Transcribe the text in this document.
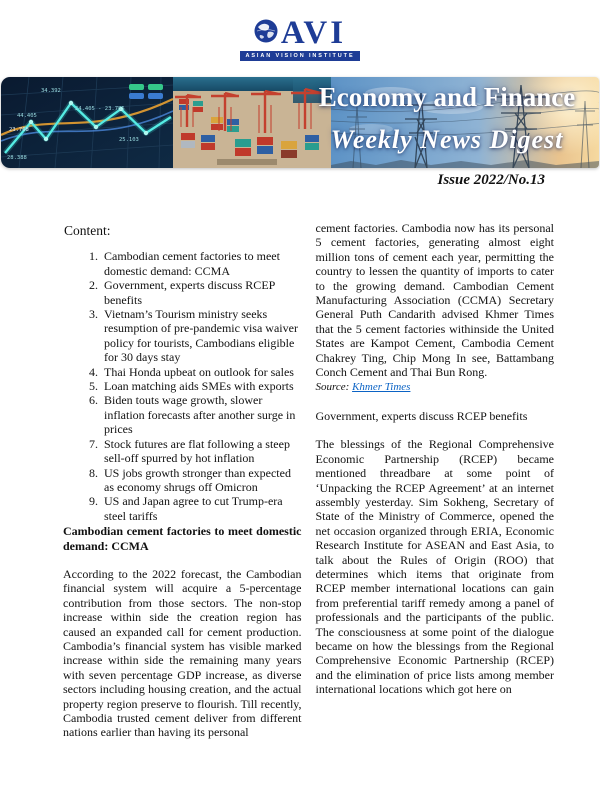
AVI
ASIAN VISION INSTITUTE
34.392
24.405 - 23.785
44.405
23.768
28.388
25.103
Economy and Finance
Weekly News Digest
Issue 2022/No.13
Content:
1. Cambodian cement factories to meet domestic demand: CCMA
2. Government, experts discuss RCEP benefits
3. Vietnam’s Tourism ministry seeks resumption of pre-pandemic visa waiver policy for tourists, Cambodians eligible for 30 days stay
4. Thai Honda upbeat on outlook for sales
5. Loan matching aids SMEs with exports
6. Biden touts wage growth, slower inflation forecasts after another surge in prices
7. Stock futures are flat following a steep sell-off spurred by hot inflation
8. US jobs growth stronger than expected as economy shrugs off Omicron
9. US and Japan agree to cut Trump-era steel tariffs
Cambodian cement factories to meet domestic demand: CCMA

According to the 2022 forecast, the Cambodian financial system will acquire a 5-percentage contribution from those sectors. The non-stop increase within side the creation region has caused an expanded call for cement production. Cambodia’s financial system has visible marked increase within side the remaining many years with seven percentage GDP increase, as diverse sectors including housing creation, and the actual property region preserve to flourish. Till recently, Cambodia trusted cement deliver from different nations earlier than having its personal

cement factories. Cambodia now has its personal 5 cement factories, generating almost eight million tons of cement each year, permitting the country to lessen the quantity of imports to cater to the growing demand. Cambodian Cement Manufacturing Association (CCMA) Secretary General Puth Candarith advised Khmer Times that the 5 cement factories withinside the United States are Kampot Cement, Cambodia Cement Chakrey Ting, Chip Mong In see, Battambang Conch Cement and Thai Bun Rong.

Source: Khmer Times
Government, experts discuss RCEP benefits

The blessings of the Regional Comprehensive Economic Partnership (RCEP) became mentioned threadbare at some point of ‘Unpacking the RCEP Agreement’ at an internet assembly yesterday. Sim Sokheng, Secretary of State of the Ministry of Commerce, opened the net occasion organized through ERIA, Economic Research Institute for ASEAN and East Asia, to talk about the Rules of Origin (ROO) that determines which items that originate from RCEP member international locations can gain from preferential tariff remedy among a panel of professionals and the participants of the public. The consciousness at some point of the dialogue became on how the blessings from the Regional Comprehensive Economic Partnership (RCEP) and the elimination of price lists among member international locations which got here on
